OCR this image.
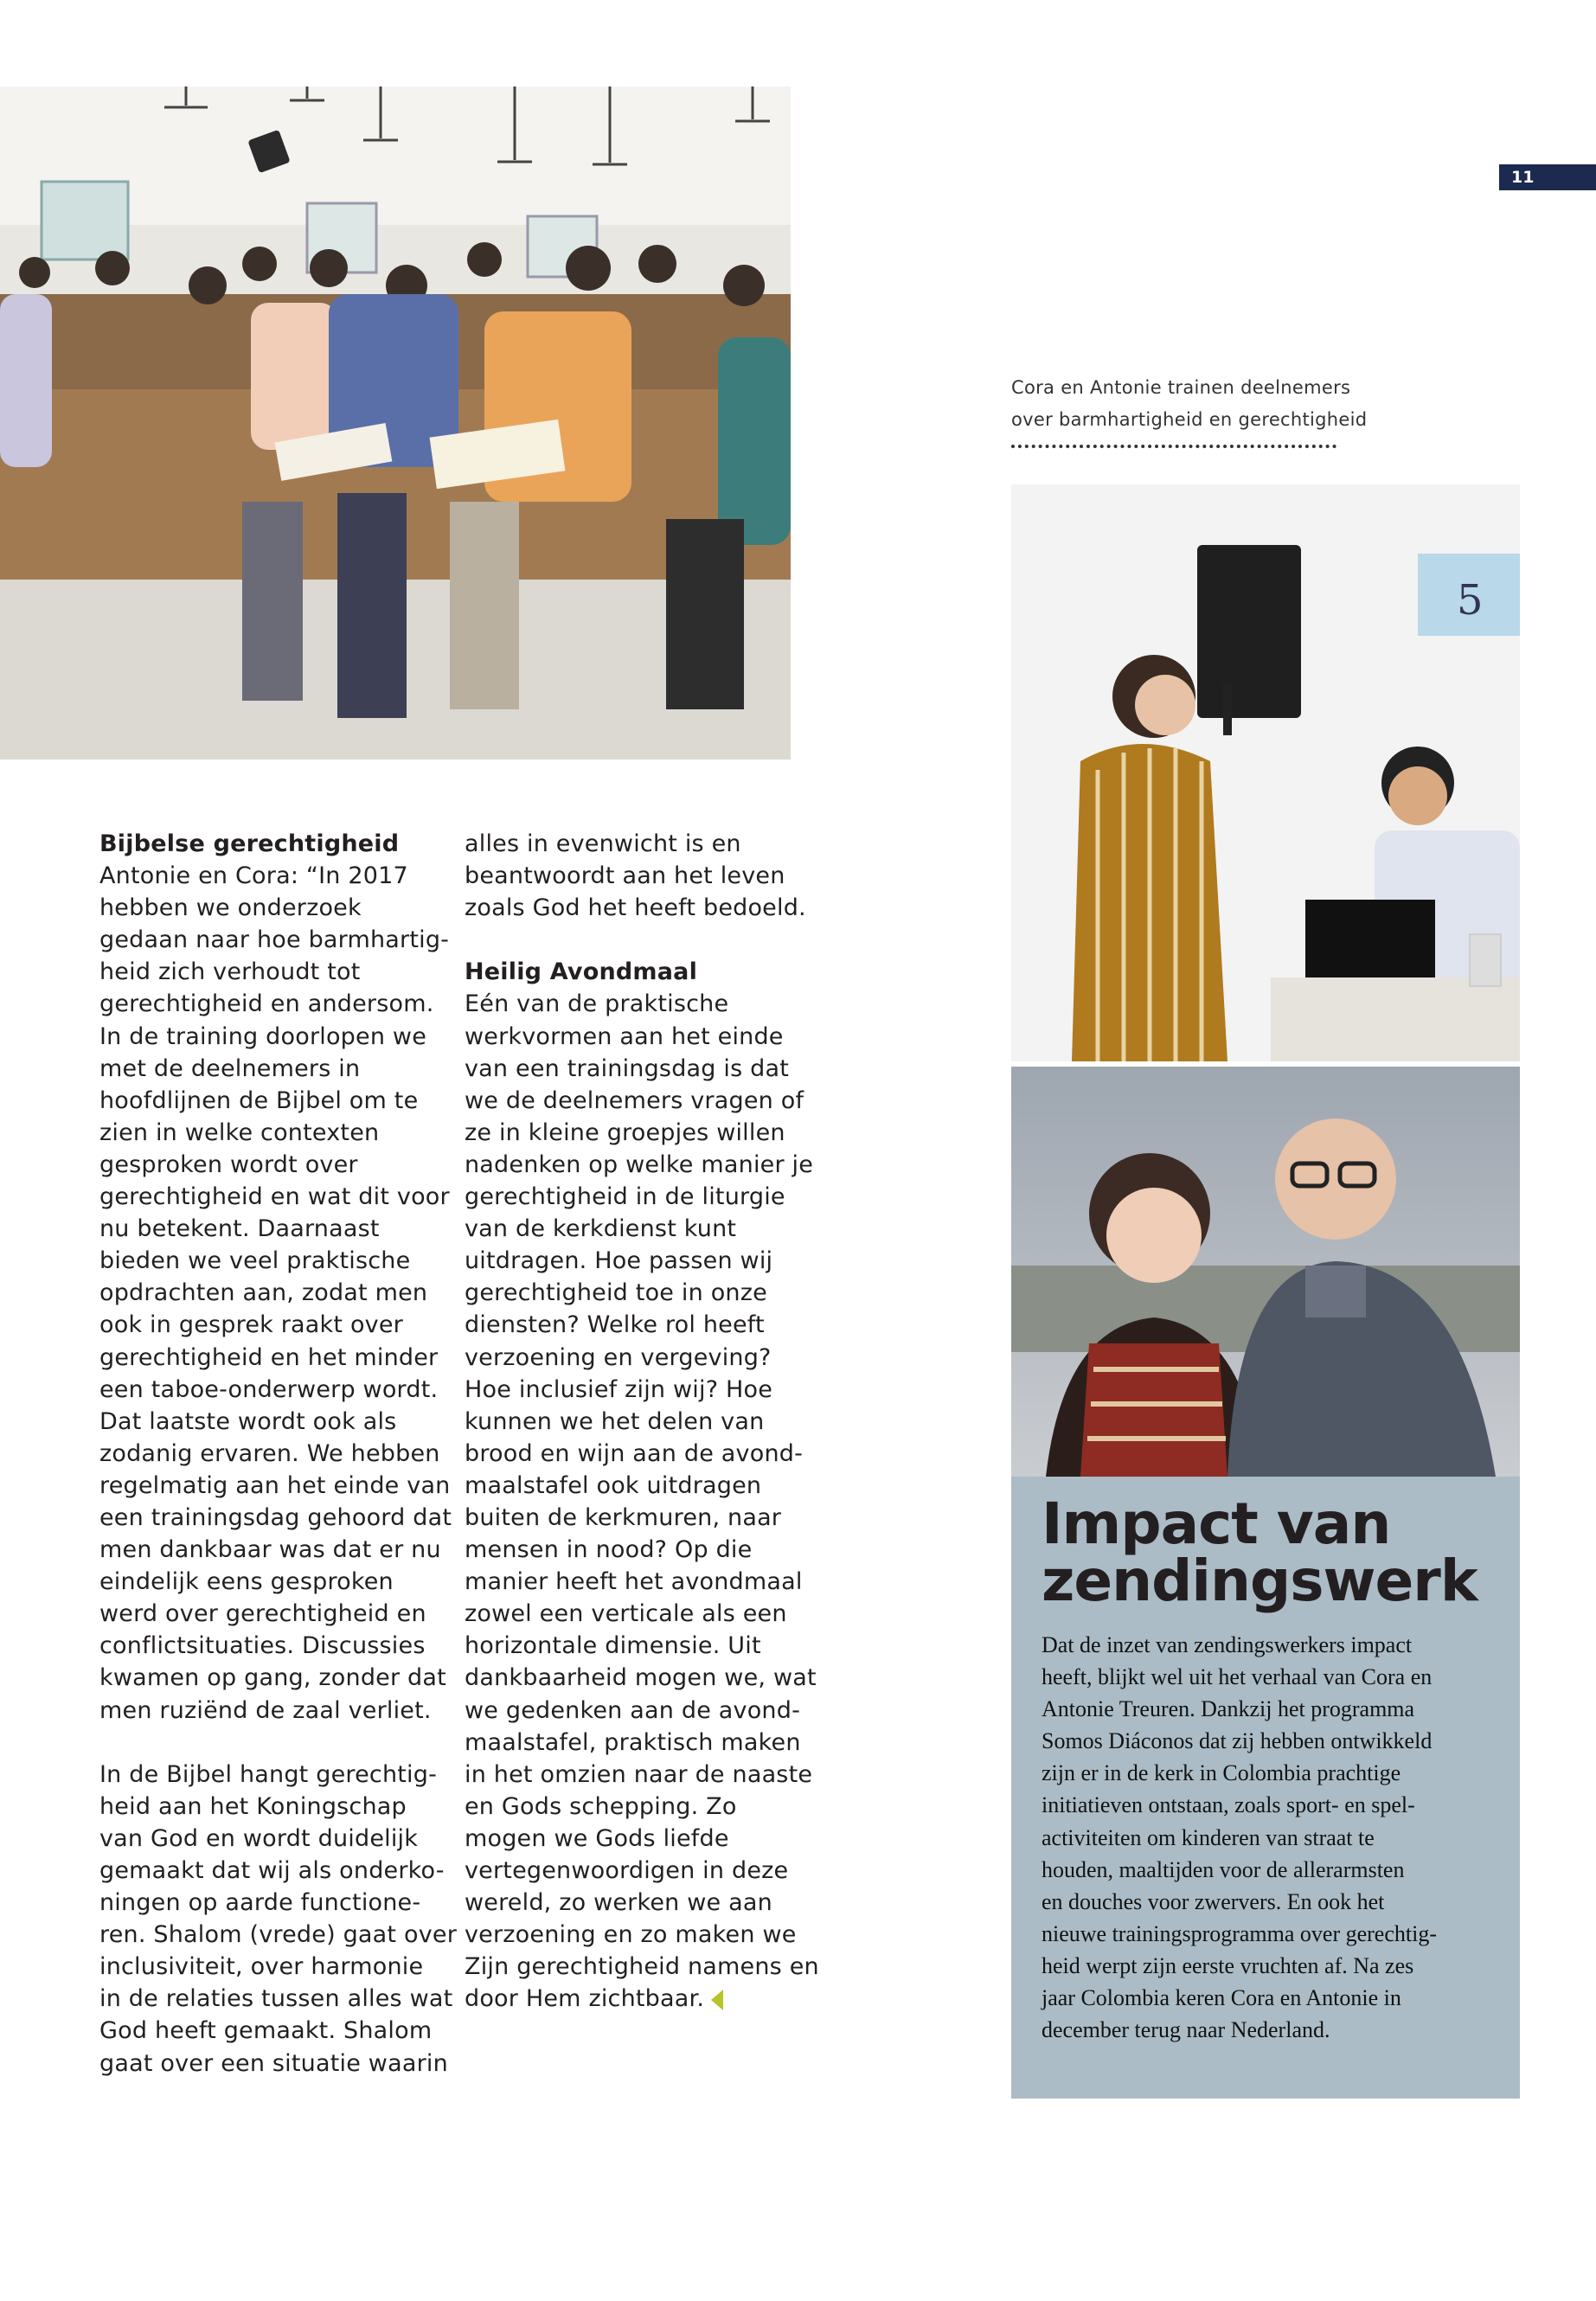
11
Cora en Antonie trainen deelnemers
over barmhartigheid en gerechtigheid
5
Bijbelse gerechtigheid
Antonie en Cora: “In 2017
hebben we onderzoek
gedaan naar hoe barmhartig-
heid zich verhoudt tot
gerechtigheid en andersom.
In de training doorlopen we
met de deelnemers in
hoofdlijnen de Bijbel om te
zien in welke contexten
gesproken wordt over
gerechtigheid en wat dit voor
nu betekent. Daarnaast
bieden we veel praktische
opdrachten aan, zodat men
ook in gesprek raakt over
gerechtigheid en het minder
een taboe-onderwerp wordt.
Dat laatste wordt ook als
zodanig ervaren. We hebben
regelmatig aan het einde van
een trainingsdag gehoord dat
men dankbaar was dat er nu
eindelijk eens gesproken
werd over gerechtigheid en
conflictsituaties. Discussies
kwamen op gang, zonder dat
men ruziënd de zaal verliet.
In de Bijbel hangt gerechtig-
heid aan het Koningschap
van God en wordt duidelijk
gemaakt dat wij als onderko-
ningen op aarde functione-
ren. Shalom (vrede) gaat over
inclusiviteit, over harmonie
in de relaties tussen alles wat
God heeft gemaakt. Shalom
gaat over een situatie waarin
alles in evenwicht is en
beantwoordt aan het leven
zoals God het heeft bedoeld.
Heilig Avondmaal
Eén van de praktische
werkvormen aan het einde
van een trainingsdag is dat
we de deelnemers vragen of
ze in kleine groepjes willen
nadenken op welke manier je
gerechtigheid in de liturgie
van de kerkdienst kunt
uitdragen. Hoe passen wij
gerechtigheid toe in onze
diensten? Welke rol heeft
verzoening en vergeving?
Hoe inclusief zijn wij? Hoe
kunnen we het delen van
brood en wijn aan de avond-
maalstafel ook uitdragen
buiten de kerkmuren, naar
mensen in nood? Op die
manier heeft het avondmaal
zowel een verticale als een
horizontale dimensie. Uit
dankbaarheid mogen we, wat
we gedenken aan de avond-
maalstafel, praktisch maken
in het omzien naar de naaste
en Gods schepping. Zo
mogen we Gods liefde
vertegenwoordigen in deze
wereld, zo werken we aan
verzoening en zo maken we
Zijn gerechtigheid namens en
door Hem zichtbaar.
Impact van
zendingswerk
Dat de inzet van zendingswerkers impact
heeft, blijkt wel uit het verhaal van Cora en
Antonie Treuren. Dankzij het programma
Somos Diáconos dat zij hebben ontwikkeld
zijn er in de kerk in Colombia prachtige
initiatieven ontstaan, zoals sport- en spel-
activiteiten om kinderen van straat te
houden, maaltijden voor de allerarmsten
en douches voor zwervers. En ook het
nieuwe trainingsprogramma over gerechtig-
heid werpt zijn eerste vruchten af. Na zes
jaar Colombia keren Cora en Antonie in
december terug naar Nederland.
